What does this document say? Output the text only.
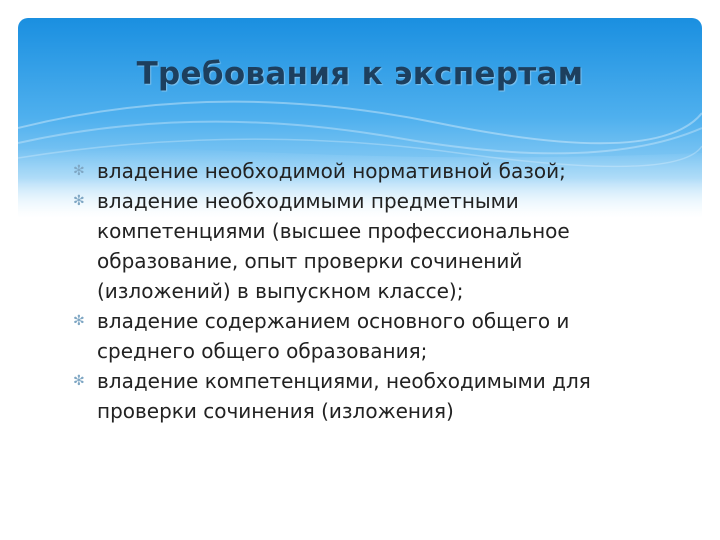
Требования к экспертам
✻ владение необходимой нормативной базой;
✻ владение необходимыми предметными компетенциями (высшее профессиональное образование, опыт проверки сочинений (изложений) в выпускном классе);
✻ владение содержанием основного общего и среднего общего образования;
✻ владение компетенциями, необходимыми для проверки сочинения (изложения)
